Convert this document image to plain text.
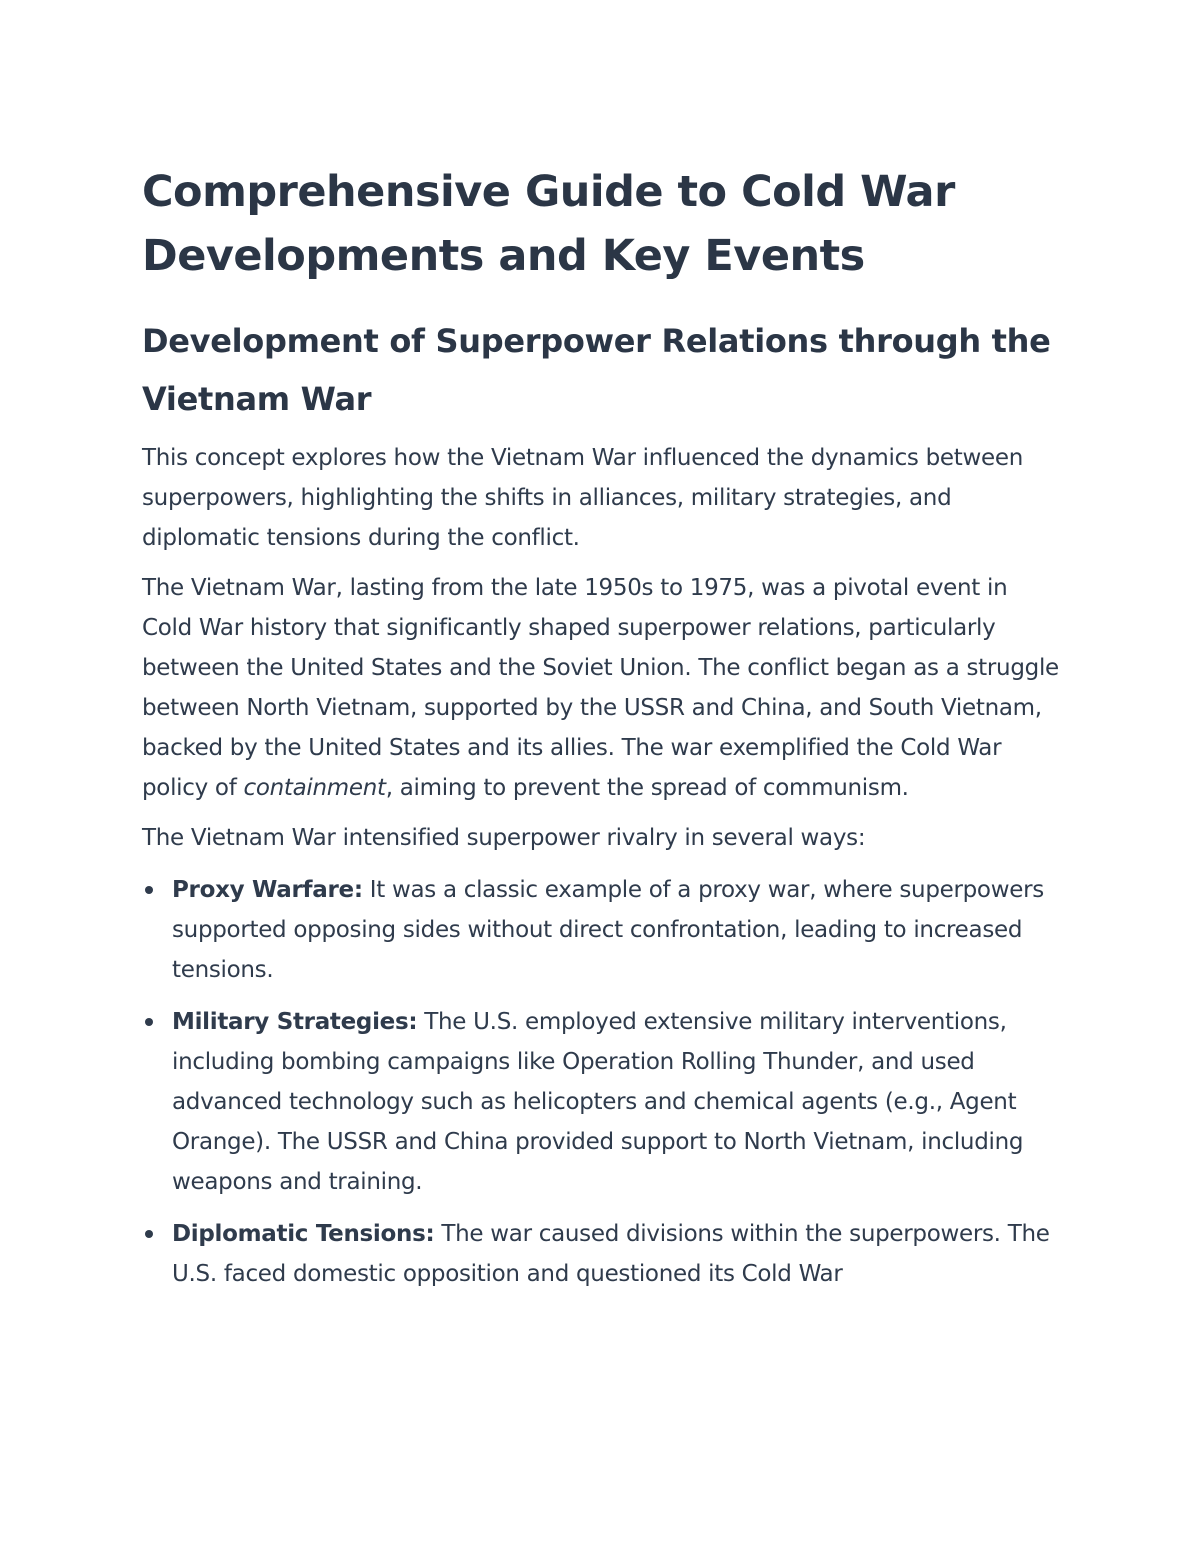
Comprehensive Guide to Cold War Developments and Key Events
Development of Superpower Relations through the Vietnam War

This concept explores how the Vietnam War influenced the dynamics between superpowers, highlighting the shifts in alliances, military strategies, and diplomatic tensions during the conflict.

The Vietnam War, lasting from the late 1950s to 1975, was a pivotal event in Cold War history that significantly shaped superpower relations, particularly between the United States and the Soviet Union. The conflict began as a struggle between North Vietnam, supported by the USSR and China, and South Vietnam, backed by the United States and its allies. The war exemplified the Cold War policy of containment, aiming to prevent the spread of communism.

The Vietnam War intensified superpower rivalry in several ways:

Proxy Warfare: It was a classic example of a proxy war, where superpowers supported opposing sides without direct confrontation, leading to increased tensions.
Military Strategies: The U.S. employed extensive military interventions, including bombing campaigns like Operation Rolling Thunder, and used advanced technology such as helicopters and chemical agents (e.g., Agent Orange). The USSR and China provided support to North Vietnam, including weapons and training.
Diplomatic Tensions: The war caused divisions within the superpowers. The U.S. faced domestic opposition and questioned its Cold War
